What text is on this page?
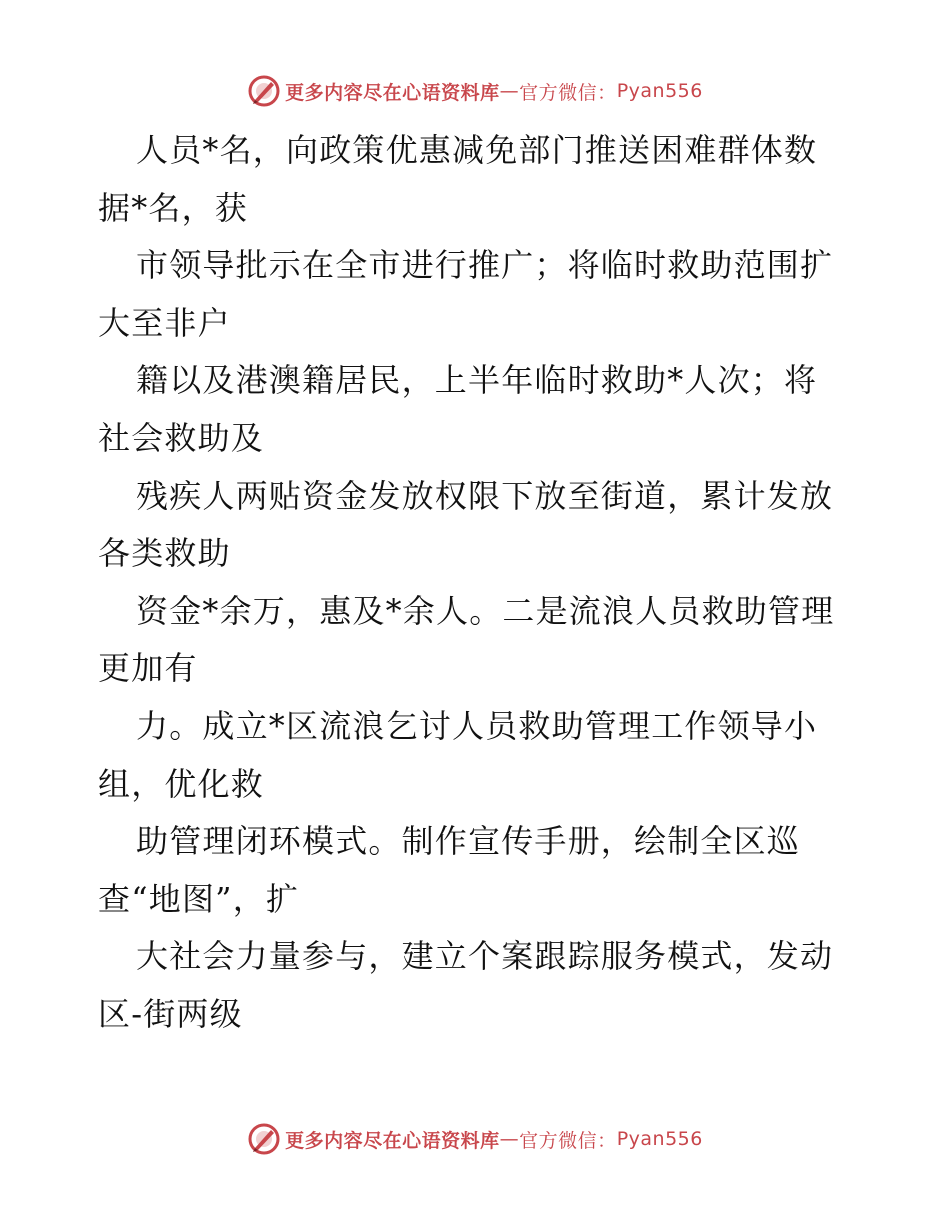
更多内容尽在心语资料库 — 官方微信： Pyan556
人员*名，向政策优惠减免部门推送困难群体数
据*名，获
市领导批示在全市进行推广；将临时救助范围扩
大至非户
籍以及港澳籍居民，上半年临时救助*人次；将
社会救助及
残疾人两贴资金发放权限下放至街道，累计发放
各类救助
资金*余万，惠及*余人。二是流浪人员救助管理
更加有
力。成立*区流浪乞讨人员救助管理工作领导小
组，优化救
助管理闭环模式。制作宣传手册，绘制全区巡
查“地图”，扩
大社会力量参与，建立个案跟踪服务模式，发动
区-街两级
更多内容尽在心语资料库 — 官方微信： Pyan556
